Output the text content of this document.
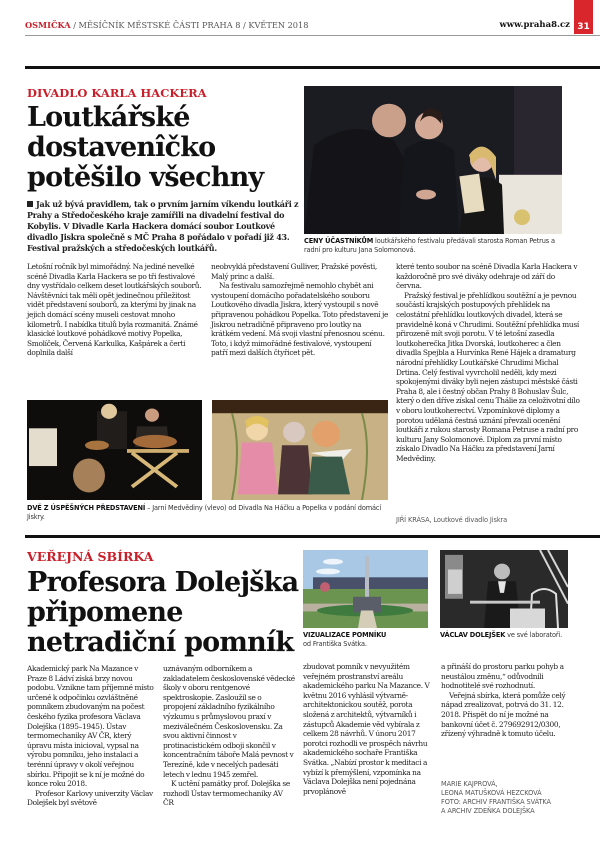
OSMIČKA / MĚSÍČNÍK MĚSTSKÉ ČÁSTI PRAHA 8 / KVĚTEN 2018	www.praha8.cz 31
DIVADLO KARLA HACKERA
Loutkářské
dostavenîčko
potěšilo všechny
Jak už bývá pravidlem, tak o prvním jarním víkendu loutkáři z Prahy a Středočeského kraje zamířili na divadelní festival do Kobylis. V Divadle Karla Hackera domácí soubor Loutkové divadlo Jiskra společně s MČ Praha 8 pořádalo v pořadí již 43. Festival pražských a středočeských loutkářů.
CENY ÚČASTNÍKŮM loutkářského festivalu předávali starosta Roman Petrus a radní pro kulturu Jana Solomonová.

Letošní ročník byl mimořádný. Na jediné nevelké scéně Divadla Karla Hackera se po tři festivalové dny vystřídalo celkem deset loutkářských souborů. Návštěvníci tak měli opět jedinečnou příležitost vidět představení souborů, za kterými by jinak na jejich domácí scény museli cestovat mnoho kilometrů. I nabídka titulů byla rozmanitá. Známé klasické loutkové pohádkové motivy Popelka, Smolíček, Červená Karkulka, Kašpárek a čerti doplnila další

neobvyklá představení Gulliver, Pražské pověsti, Malý princ a další.

Na festivalu samozřejmě nemohlo chybět ani vystoupení domácího pořadatelského souboru Loutkového divadla Jiskra, který vystoupil s nově připravenou pohádkou Popelka. Toto představení je Jiskrou netradičně připraveno pro loutky na krátkém vedení. Má svoji vlastní přenosnou scénu. Toto, i když mimořádné festivalové, vystoupení patří mezi dalších čtyřicet pět.

které tento soubor na scéně Divadla Karla Hackera v každoročně pro své diváky odehraje od září do června.

Pražský festival je přehlídkou soutěžní a je pevnou součástí krajských postupových přehlídek na celostátní přehlídku loutkových divadel, která se pravidelně koná v Chrudimi. Soutěžní přehlídka musí přirozeně mít svoji porotu. V té letošní zasedla loutkoherečka Jitka Dvorská, loutkoherec a člen divadla Spejbla a Hurvínka René Hájek a dramaturg národní přehlídky Loutkářské Chrudimi Michal Drtina. Celý festival vyvrcholil neděli, kdy mezi spokojenými diváky byli nejen zástupci městské části Praha 8, ale i čestný občan Prahy 8 Bohuslav Šulc, který o den dříve získal cenu Thálie za celoživotní dílo v oboru loutkoherectví. Vzpomínkové diplomy a porotou udělaná čestná uznání převzali ocenění loutkáři z rukou starosty Romana Petruse a radní pro kulturu Jany Solomonové. Diplom za první místo získalo Divadlo Na Háčku za představení Jarní Medvědiny.

JIŘÍ KRÁSA, Loutkové divadlo Jiskra
DVĚ Z ÚSPĚŠNÝCH PŘEDSTAVENÍ – Jarní Medvědiny (vlevo) od Divadla Na Háčku a Popelka v podání domácí Jiskry.
VEŘEJNÁ SBÍRKA
Profesora Dolejška
připomene
netradiční pomník	VIZUALIZACE POMNÍKU
od Františka Svátka.
VÁCLAV DOLEJŠEK ve své laboratoři.

Akademický park Na Mazance v Praze 8 Ládví získá brzy novou podobu. Vznikne tam příjemné místo určené k odpočinku ozvláštněné pomníkem zbudovaným na počest českého fyzika profesora Václava Dolejška (1895–1945). Ústav termomechaniky AV ČR, který úpravu místa inicioval, vypsal na výrobu pomníku, jeho instalaci a terénní úpravy v okolí veřejnou sbírku. Připojit se k ní je možné do konce roku 2018.

Profesor Karlovy univerzity Václav Dolejšek byl světově

uznávaným odborníkem a zakladatelem československé vědecké školy v oboru rentgenové spektroskopie. Zasloužil se o propojení základního fyzikálního výzkumu s průmyslovou praxí v meziválečném Československu. Za svou aktivní činnost v protinacistickém odboji skončil v koncentračním táboře Malá pevnost v Terezíně, kde v necelých padesáti letech v lednu 1945 zemřel.

K uctění památky prof. Dolejška se rozhodl Ústav termomechaniky AV ČR

zbudovat pomník v nevyužitém veřejném prostranství areálu akademického parku Na Mazance. V květnu 2016 vyhlásil výtvarně-architektonickou soutěž, porota složená z architektů, výtvarníků i zástupců Akademie věd vybírala z celkem 28 návrhů. V únoru 2017 porotci rozhodli ve prospěch návrhu akademického sochaře Františka Svátka. „Nabízí prostor k meditaci a vybízí k přemýšlení, vzpomínka na Václava Dolejška není pojednána prvoplánově

a přináší do prostoru parku pohyb a neustálou změnu,“ odůvodnili hodnotitelé své rozhodnutí.

Veřejná sbírka, která pomůže celý nápad zrealizovat, potrvá do 31. 12. 2018. Přispět do ní je možné na bankovní účet č. 279692912/0300, zřízený výhradně k tomuto účelu.

MARIE KAJPROVÁ,
LEONA MATUŠKOVÁ HEZCKOVÁ
FOTO: ARCHIV FRANTIŠKA SVÁTKA
A ARCHIV ZDEŇKA DOLEJŠKA
